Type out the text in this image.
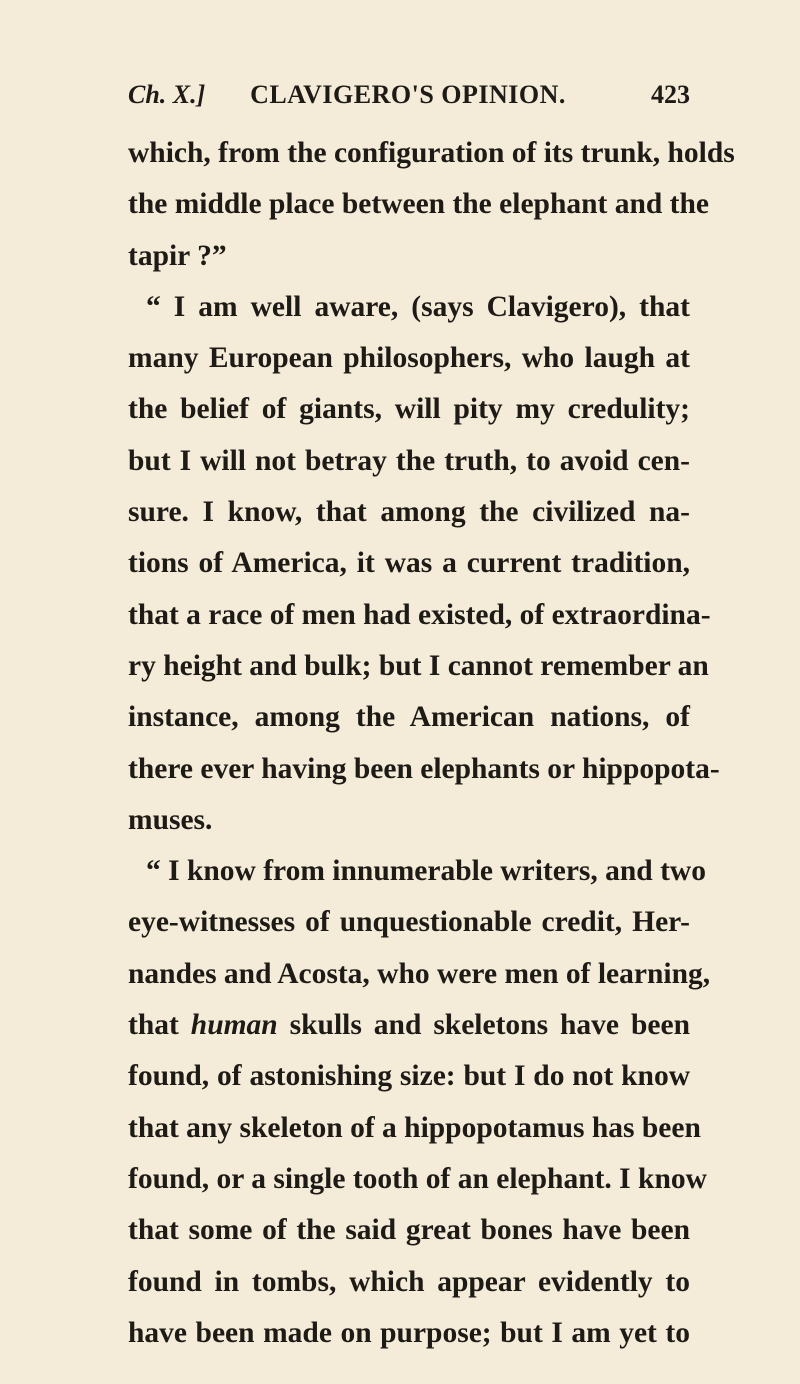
Ch. X.]	CLAVIGERO'S OPINION.	423
which, from the configuration of its trunk, holds
the middle place between the elephant and the
tapir ?”
“ I am well aware, (says Clavigero), that
many European philosophers, who laugh at
the belief of giants, will pity my credulity;
but I will not betray the truth, to avoid cen-
sure. I know, that among the civilized na-
tions of America, it was a current tradition,
that a race of men had existed, of extraordina-
ry height and bulk; but I cannot remember an
instance, among the American nations, of
there ever having been elephants or hippopota-
muses.
“ I know from innumerable writers, and two
eye-witnesses of unquestionable credit, Her-
nandes and Acosta, who were men of learning,
that human skulls and skeletons have been
found, of astonishing size: but I do not know
that any skeleton of a hippopotamus has been
found, or a single tooth of an elephant. I know
that some of the said great bones have been
found in tombs, which appear evidently to
have been made on purpose; but I am yet to
